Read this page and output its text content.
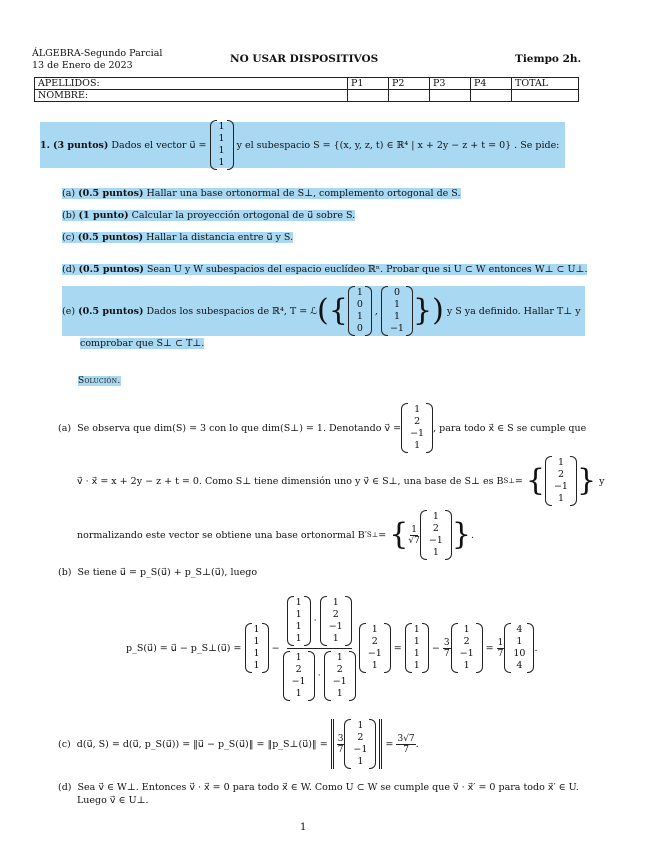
ÁLGEBRA-Segundo Parcial
13 de Enero de 2023
NO USAR DISPOSITIVOS	Tiempo 2h.
APELLIDOS:	P1	P2	P3	P4	TOTAL
NOMBRE:					
1.
(3 puntos)
Dados el vector u⃗ =

1
1
1
1

y el subespacio S = {(x, y, z, t) ∈ ℝ⁴ | x + 2y − z + t = 0} . Se pide:
(a) (0.5 puntos) Hallar una base ortonormal de S⊥, complemento ortogonal de S.
(b) (1 punto) Calcular la proyección ortogonal de u⃗ sobre S.
(c) (0.5 puntos) Hallar la distancia entre u⃗ y S.
(d) (0.5 puntos) Sean U y W subespacios del espacio euclídeo ℝⁿ. Probar que si U ⊂ W entonces W⊥ ⊂ U⊥.
(e)
(0.5 puntos)
Dados los subespacios de ℝ⁴, T = ℒ ( {
1
0
1
0
,
0
1
1
−1
} )
y S ya definido. Hallar T⊥ y
comprobar que S⊥ ⊂ T⊥.
Solución.
(a)
Se observa que dim(S) = 3 con lo que dim(S⊥) = 1. Denotando v⃗ =
1
2
−1
1
, para todo x⃗ ∈ S se cumple que
v⃗ · x⃗ = x + 2y − z + t = 0. Como S⊥ tiene dimensión uno y v⃗ ∈ S⊥, una base de S⊥ es B S⊥ =
{
1
2
−1
1
}
y
normalizando este vector se obtiene una base ortonormal B′ S⊥ =
{ $\frac{1}{√7}$
1
2
−1
1
} .
(b) Se tiene u⃗ = p_S(u⃗) + p_S⊥(u⃗), luego
p_S(u⃗) = u⃗ − p_S⊥(u⃗) =

1
1
1
1

−
1
1
1
1

·

1
2
−1
1
1
2
−1
1

·

1
2
−1
1
1
2
−1
1

=

1
1
1
1

−
$\frac{3}{7}$
1
2
−1
1

=
$\frac{1}{7}$
4
1
10
4
.
(c)
d(u⃗, S) = d(u⃗, p_S(u⃗)) = ‖u⃗ − p_S(u⃗)‖ = ‖p_S⊥(u⃗)‖ =
$\frac{3}{7}$
1
2
−1
1

=
$\frac{3√7}{7}$ .
(d) Sea v⃗ ∈ W⊥. Entonces v⃗ · x⃗ = 0 para todo x⃗ ∈ W. Como U ⊂ W se cumple que v⃗ · x⃗′ = 0 para todo x⃗′ ∈ U.
Luego v⃗ ∈ U⊥.
1
